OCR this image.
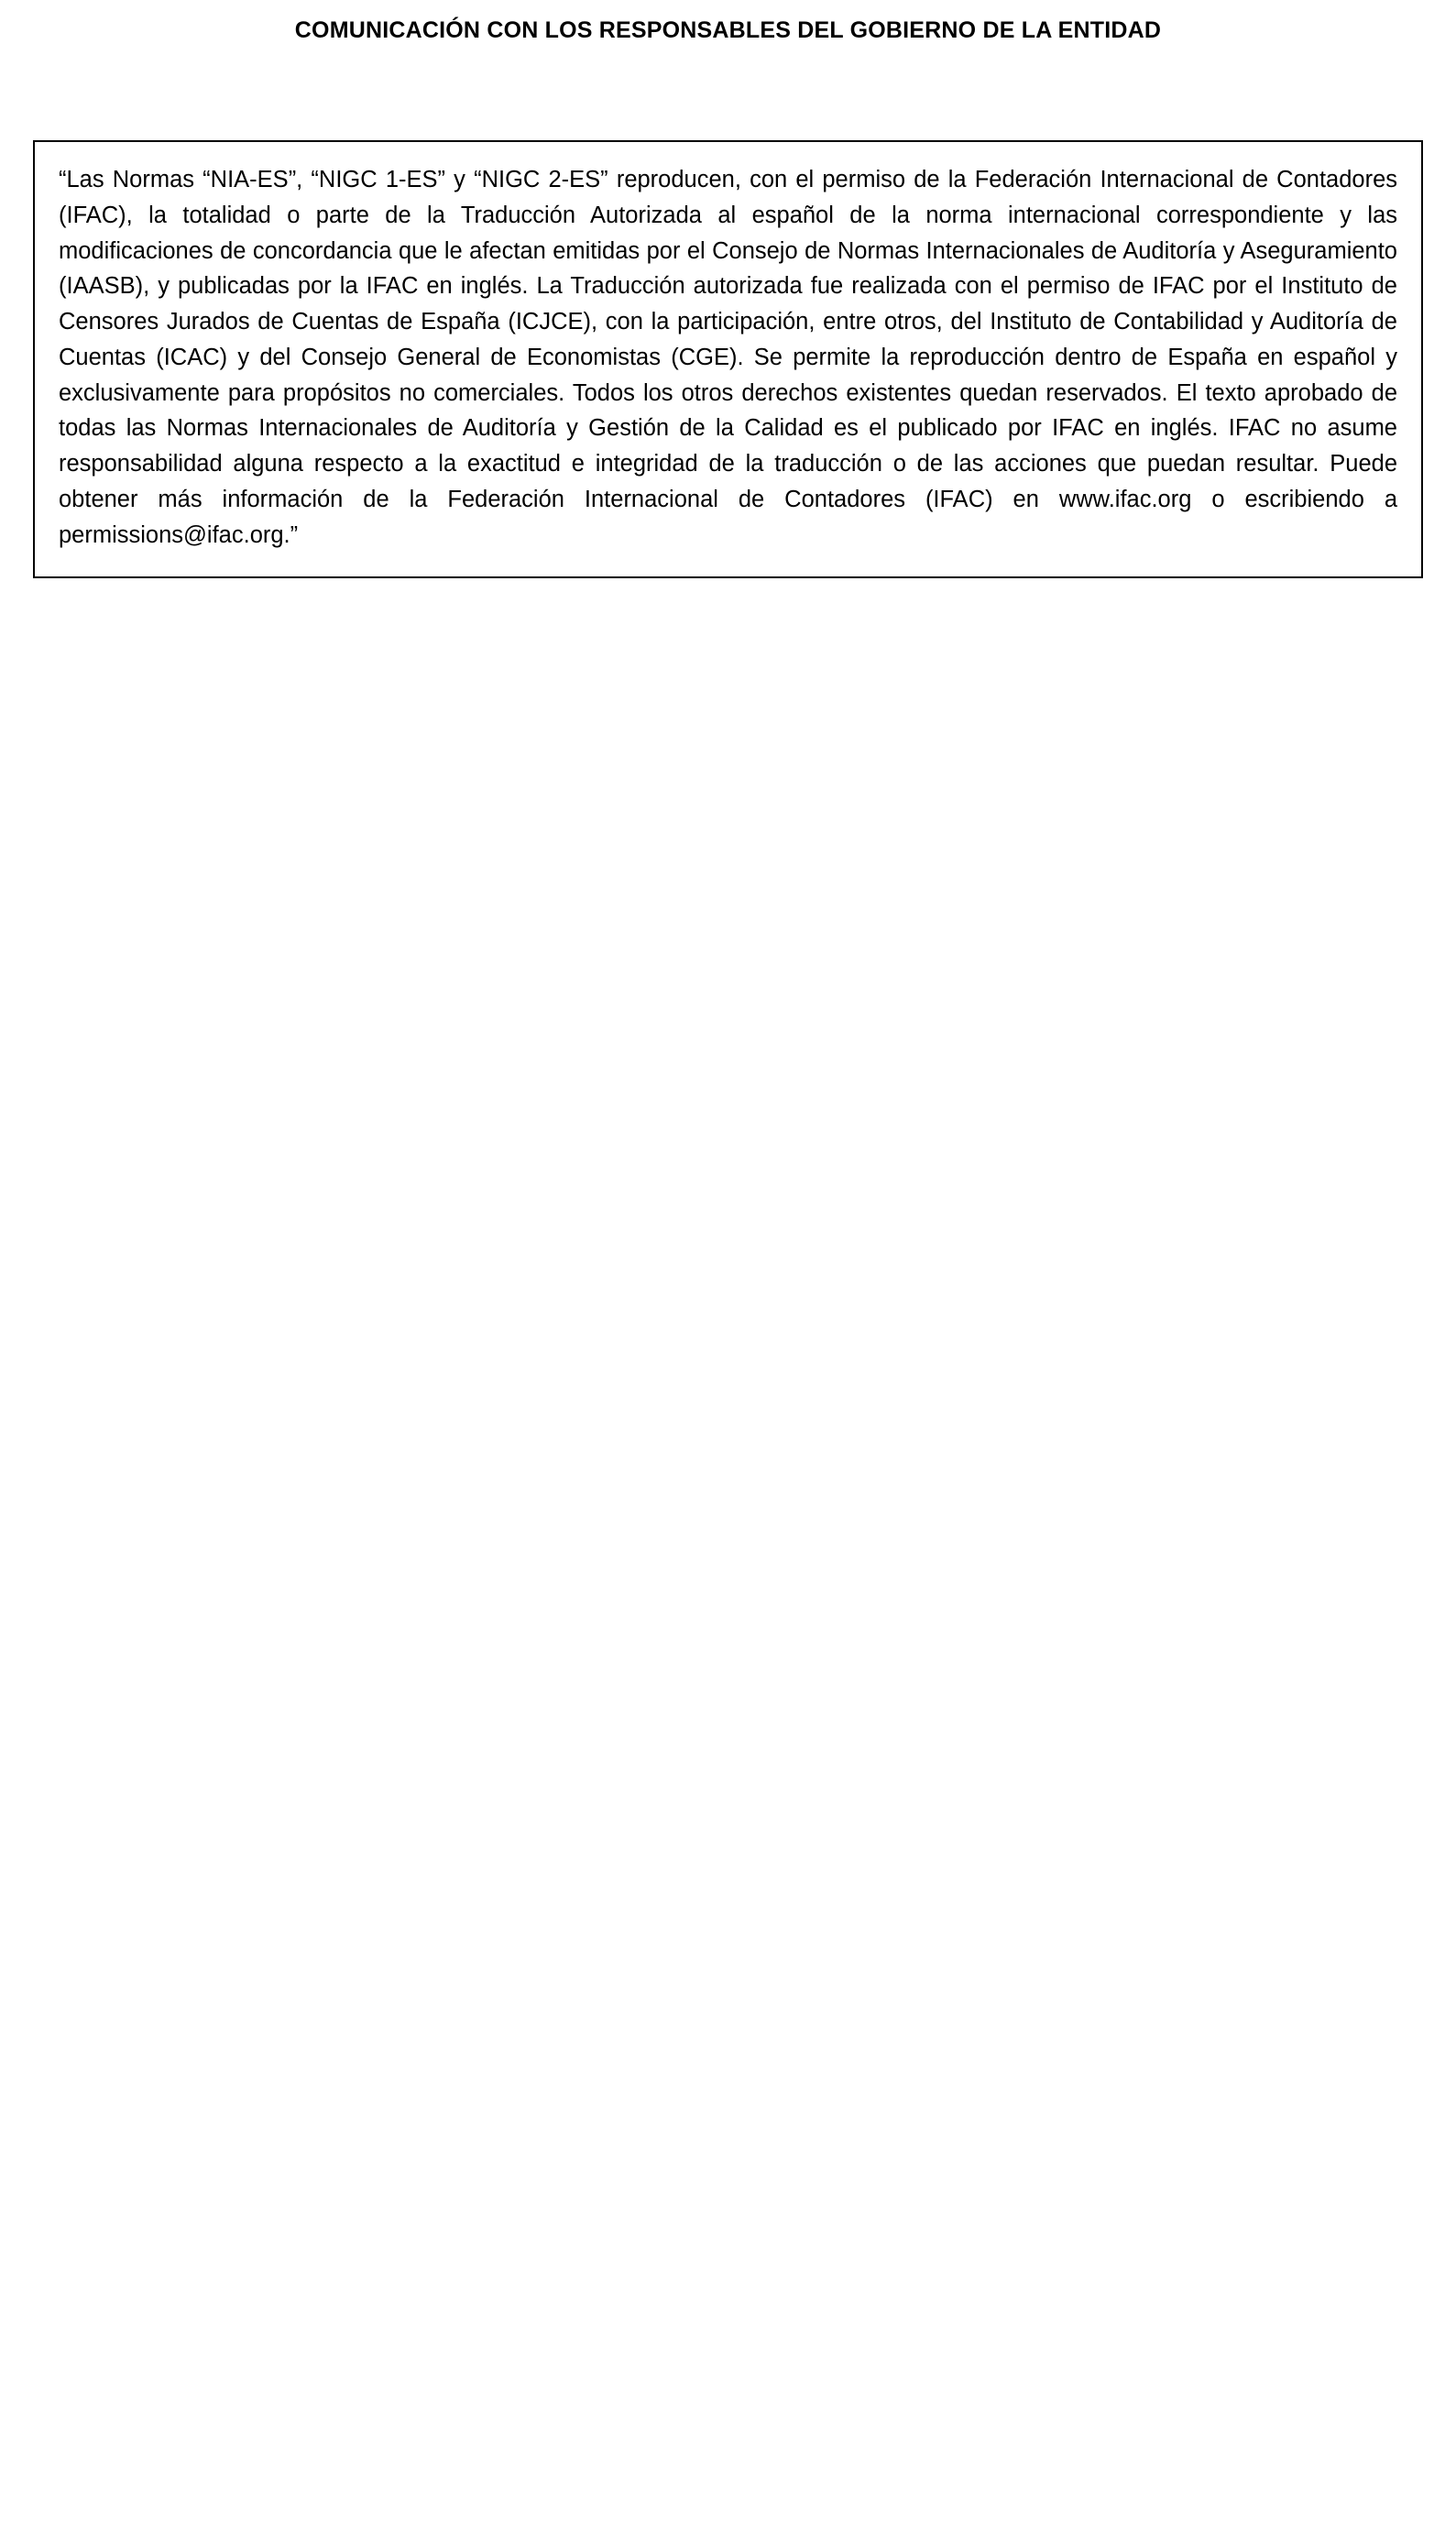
COMUNICACIÓN CON LOS RESPONSABLES DEL GOBIERNO DE LA ENTIDAD

“Las Normas “NIA-ES”, “NIGC 1-ES” y “NIGC 2-ES” reproducen, con el permiso de la Federación Internacional de Contadores (IFAC), la totalidad o parte de la Traducción Autorizada al español de la norma internacional correspondiente y las modificaciones de concordancia que le afectan emitidas por el Consejo de Normas Internacionales de Auditoría y Aseguramiento (IAASB), y publicadas por la IFAC en inglés. La Traducción autorizada fue realizada con el permiso de IFAC por el Instituto de Censores Jurados de Cuentas de España (ICJCE), con la participación, entre otros, del Instituto de Contabilidad y Auditoría de Cuentas (ICAC) y del Consejo General de Economistas (CGE). Se permite la reproducción dentro de España en español y exclusivamente para propósitos no comerciales. Todos los otros derechos existentes quedan reservados. El texto aprobado de todas las Normas Internacionales de Auditoría y Gestión de la Calidad es el publicado por IFAC en inglés. IFAC no asume responsabilidad alguna respecto a la exactitud e integridad de la traducción o de las acciones que puedan resultar. Puede obtener más información de la Federación Internacional de Contadores (IFAC) en www.ifac.org o escribiendo a permissions@ifac.org.”
